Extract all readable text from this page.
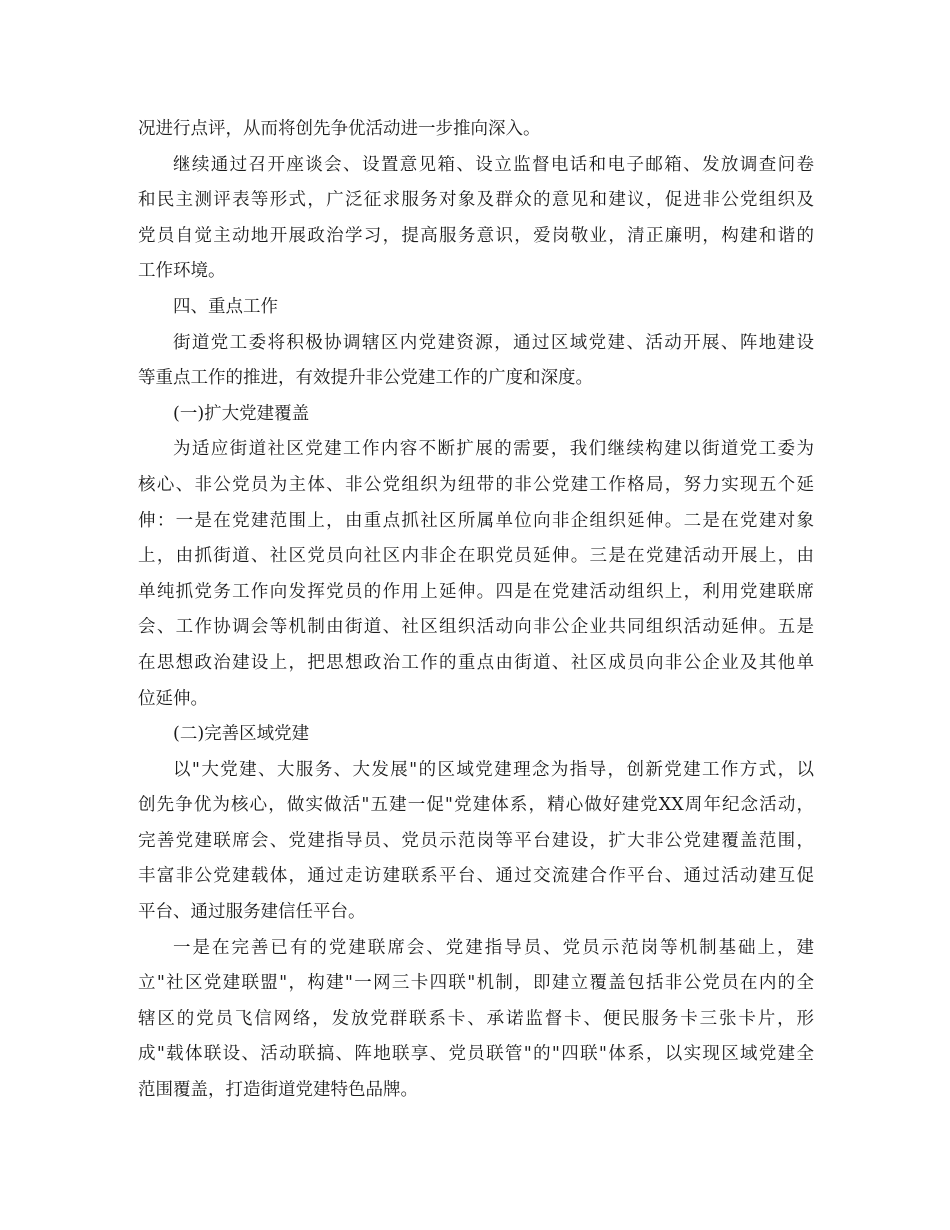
况进行点评，从而将创先争优活动进一步推向深入。
继续通过召开座谈会、设置意见箱、设立监督电话和电子邮箱、发放调查问卷
和民主测评表等形式，广泛征求服务对象及群众的意见和建议，促进非公党组织及
党员自觉主动地开展政治学习，提高服务意识，爱岗敬业，清正廉明，构建和谐的
工作环境。
四、重点工作
街道党工委将积极协调辖区内党建资源，通过区域党建、活动开展、阵地建设
等重点工作的推进，有效提升非公党建工作的广度和深度。
(一)扩大党建覆盖
为适应街道社区党建工作内容不断扩展的需要，我们继续构建以街道党工委为
核心、非公党员为主体、非公党组织为纽带的非公党建工作格局，努力实现五个延
伸：一是在党建范围上，由重点抓社区所属单位向非企组织延伸。二是在党建对象
上，由抓街道、社区党员向社区内非企在职党员延伸。三是在党建活动开展上，由
单纯抓党务工作向发挥党员的作用上延伸。四是在党建活动组织上，利用党建联席
会、工作协调会等机制由街道、社区组织活动向非公企业共同组织活动延伸。五是
在思想政治建设上，把思想政治工作的重点由街道、社区成员向非公企业及其他单
位延伸。
(二)完善区域党建
以"大党建、大服务、大发展"的区域党建理念为指导，创新党建工作方式，以
创先争优为核心，做实做活"五建一促"党建体系，精心做好建党XX周年纪念活动，
完善党建联席会、党建指导员、党员示范岗等平台建设，扩大非公党建覆盖范围，
丰富非公党建载体，通过走访建联系平台、通过交流建合作平台、通过活动建互促
平台、通过服务建信任平台。
一是在完善已有的党建联席会、党建指导员、党员示范岗等机制基础上，建
立"社区党建联盟"，构建"一网三卡四联"机制，即建立覆盖包括非公党员在内的全
辖区的党员飞信网络，发放党群联系卡、承诺监督卡、便民服务卡三张卡片，形
成"载体联设、活动联搞、阵地联享、党员联管"的"四联"体系，以实现区域党建全
范围覆盖，打造街道党建特色品牌。
